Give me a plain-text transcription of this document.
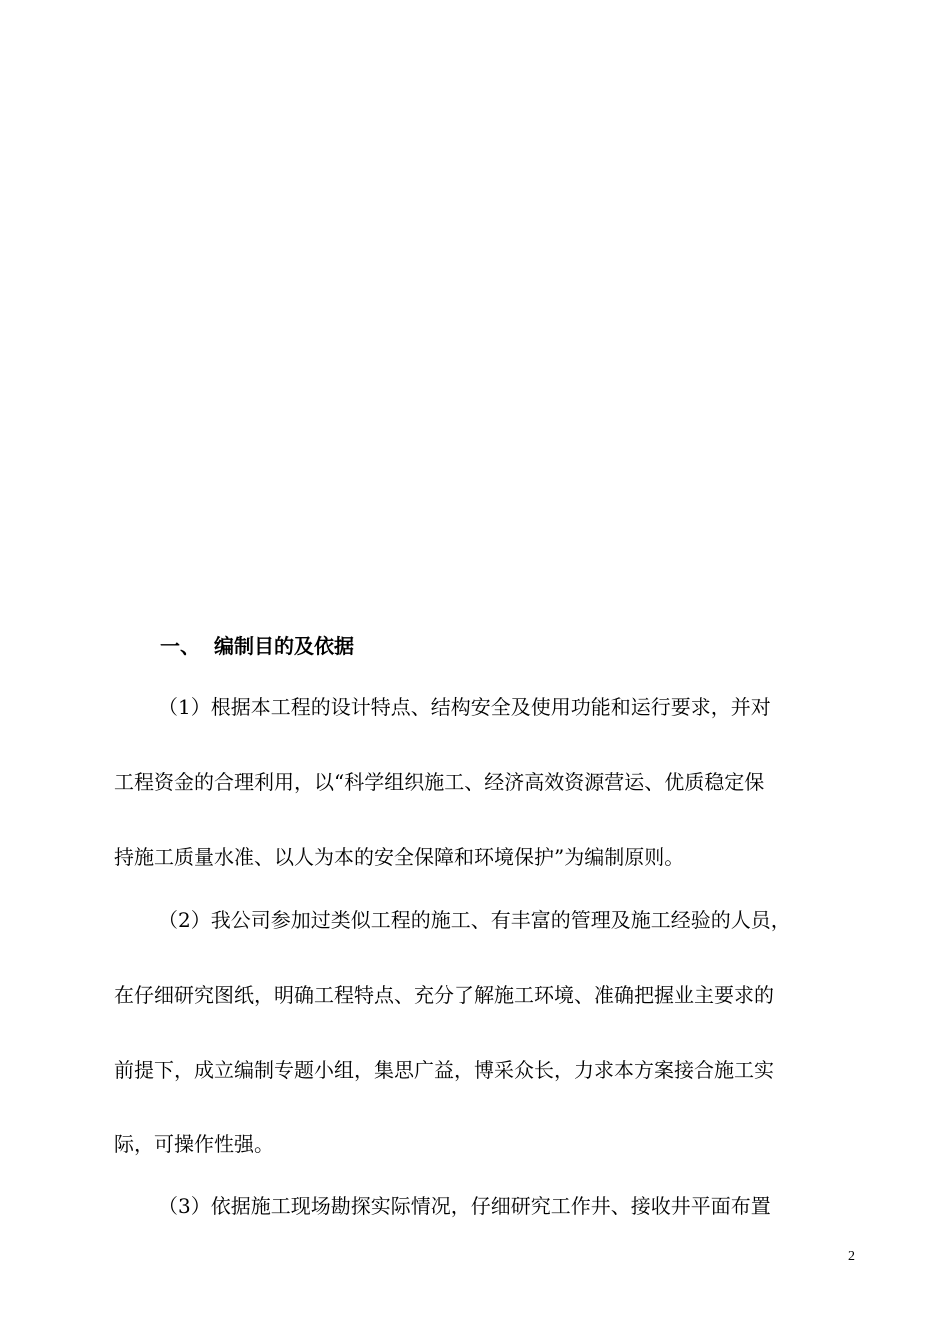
一、 编制目的及依据
（1）根据本工程的设计特点、结构安全及使用功能和运行要求，并对
工程资金的合理利用，以“科学组织施工、经济高效资源营运、优质稳定保
持施工质量水准、以人为本的安全保障和环境保护”为编制原则。
（2）我公司参加过类似工程的施工、有丰富的管理及施工经验的人员，
在仔细研究图纸，明确工程特点、充分了解施工环境、准确把握业主要求的
前提下，成立编制专题小组，集思广益，博采众长，力求本方案接合施工实
际，可操作性强。
（3）依据施工现场勘探实际情况，仔细研究工作井、接收井平面布置
2
